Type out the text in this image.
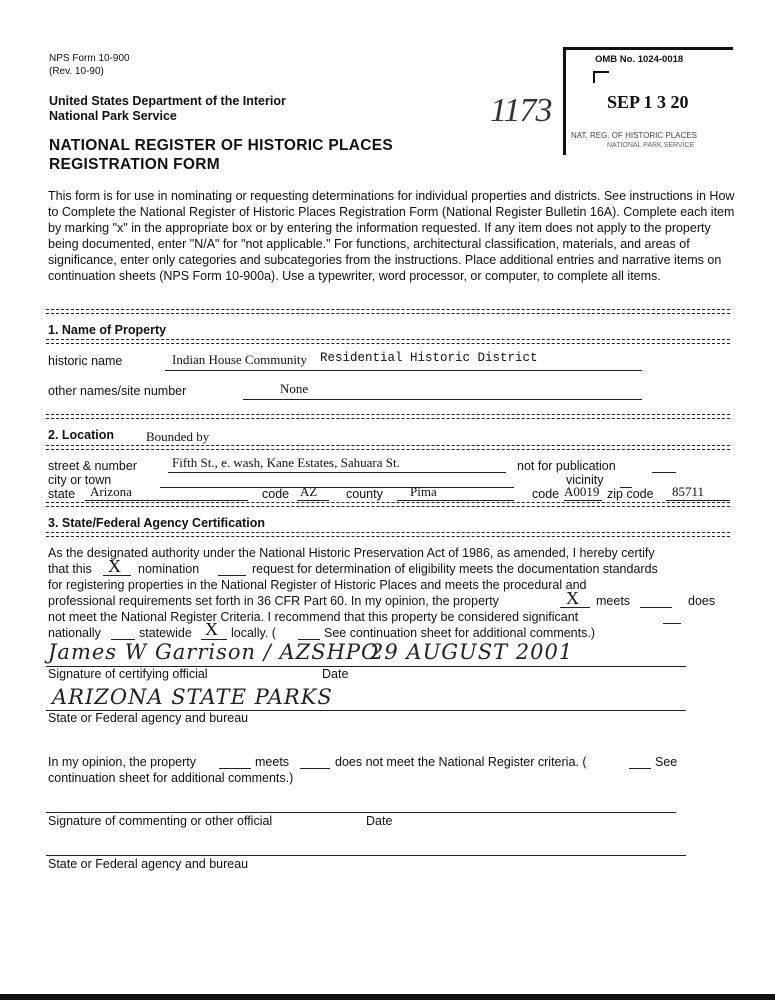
NPS Form 10-900
(Rev. 10-90)
United States Department of the Interior
National Park Service
NATIONAL REGISTER OF HISTORIC PLACES
REGISTRATION FORM
1173
OMB No. 1024-0018
SEP 1 3 20
NAT. REG. OF HISTORIC PLACES
NATIONAL PARK SERVICE
This form is for use in nominating or requesting determinations for individual properties and districts. See instructions in How to Complete the National Register of Historic Places Registration Form (National Register Bulletin 16A). Complete each item by marking "x" in the appropriate box or by entering the information requested. If any item does not apply to the property being documented, enter "N/A" for "not applicable." For functions, architectural classification, materials, and areas of significance, enter only categories and subcategories from the instructions. Place additional entries and narrative items on continuation sheets (NPS Form 10-900a). Use a typewriter, word processor, or computer, to complete all items.
1. Name of Property
historic name	Indian House Community Residential Historic District
other names/site number	None
2. Location Bounded by
street & number	Fifth St., e. wash, Kane Estates, Sahuara St.	not for publication
city or town	vicinity
state Arizona	code AZ county Pima	code A0019 zip code 85711
3. State/Federal Agency Certification
As the designated authority under the National Historic Preservation Act of 1986, as amended, I hereby certify
that this X nomination	request for determination of eligibility meets the documentation standards
for registering properties in the National Register of Historic Places and meets the procedural and
professional requirements set forth in 36 CFR Part 60. In my opinion, the property	X meets	does
not meet the National Register Criteria. I recommend that this property be considered significant
nationally	statewide X locally. (	See continuation sheet for additional comments.)
James W Garrison / AZSHPO
29 AUGUST 2001
Signature of certifying official	Date
ARIZONA STATE PARKS
State or Federal agency and bureau
In my opinion, the property	meets	does not meet the National Register criteria. (	See
continuation sheet for additional comments.)
Signature of commenting or other official	Date
State or Federal agency and bureau
